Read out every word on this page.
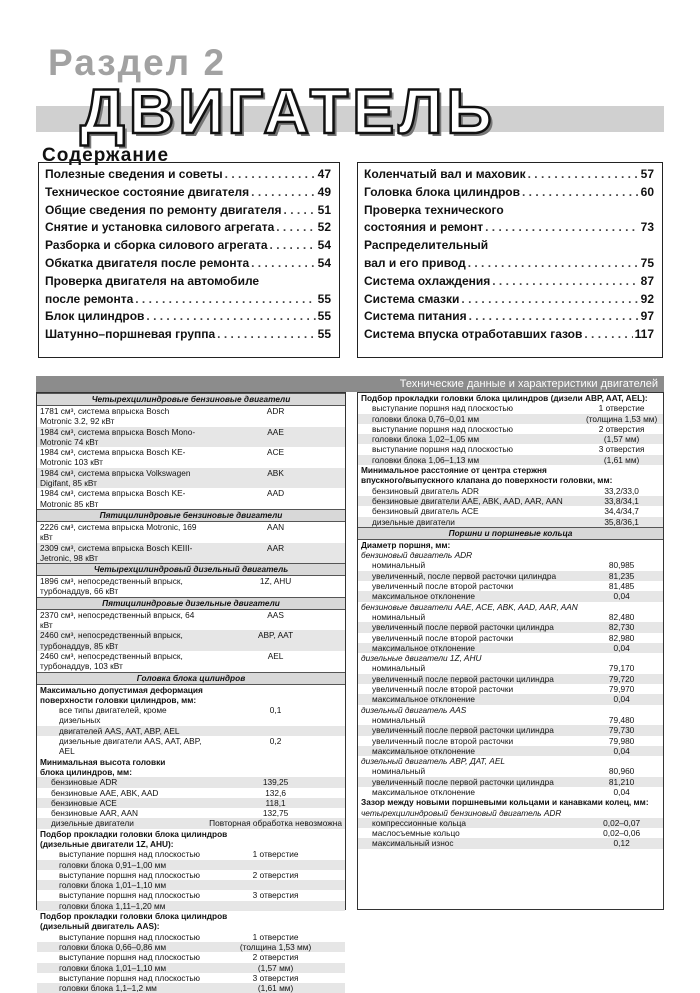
Раздел 2
ДВИГАТЕЛЬ
Содержание
Полезные сведения и советы . . .	47
Техническое состояние двигателя . . .	49
Общие сведения по ремонту двигателя . . .	51
Снятие и установка силового агрегата . . .	52
Разборка и сборка силового агрегата . . .	54
Обкатка двигателя после ремонта . . .	54
Проверка двигателя на автомобиле
после ремонта . . .	55
Блок цилиндров . . .	55
Шатунно–поршневая группа . . .	55
Коленчатый вал и маховик . . .	57
Головка блока цилиндров . . .	60
Проверка технического
состояния и ремонт . . .	73
Распределительный
вал и его привод . . .	75
Система охлаждения . . .	87
Система смазки . . .	92
Система питания . . .	97
Система впуска отработавших газов . . .	117
Технические данные и характеристики двигателей
Четырехцилиндровые бензиновые двигатели	
1781 см³, система впрыска Bosch Motronic 3.2, 92 кВт	ADR
1984 см³, система впрыска Bosch Mono-Motronic 74 кВт	AAE
1984 см³, система впрыска Bosch KE-Motronic 103 кВт	ACE
1984 см³, система впрыска Volkswagen Digifant, 85 кВт	ABK
1984 см³, система впрыска Bosch KE-Motronic 85 кВт	AAD
Пятицилиндровые бензиновые двигатели	
2226 см³, система впрыска Motronic, 169 кВт	AAN
2309 см³, система впрыска Bosch KEIII-Jetronic, 98 кВт	AAR
Четырехцилиндровый дизельный двигатель	
1896 см³, непосредственный впрыск, турбонаддув, 66 кВт	1Z, AHU
Пятицилиндровые дизельные двигатели	
2370 см³, непосредственный впрыск, 64 кВт	AAS
2460 см³, непосредственный впрыск, турбонаддув, 85 кВт	ABP, AAT
2460 см³, непосредственный впрыск, турбонаддув, 103 кВт	AEL
Головка блока цилиндров	
Максимально допустимая деформация	
поверхности головки цилиндров, мм:	
все типы двигателей, кроме дизельных	0,1
двигателей AAS, AAT, ABP, AEL	
дизельные двигатели AAS, AAT, ABP, AEL	0,2
Минимальная высота головки	
блока цилиндров, мм:	
бензиновые ADR	139,25
бензиновые AAE, ABK, AAD	132,6
бензиновые ACE	118,1
бензиновые AAR, AAN	132,75
дизельные двигатели	Повторная обработка невозможна
Подбор прокладки головки блока цилиндров	
(дизельные двигатели 1Z, AHU):	
выступание поршня над плоскостью	1 отверстие
головки блока 0,91–1,00 мм	
выступание поршня над плоскостью	2 отверстия
головки блока 1,01–1,10 мм	
выступание поршня над плоскостью	3 отверстия
головки блока 1,11–1,20 мм	
Подбор прокладки головки блока цилиндров	
(дизельный двигатель AAS):	
выступание поршня над плоскостью	1 отверстие
головки блока 0,66–0,86 мм	(толщина 1,53 мм)
выступание поршня над плоскостью	2 отверстия
головки блока 1,01–1,10 мм	(1,57 мм)
выступание поршня над плоскостью	3 отверстия
головки блока 1,1–1,2 мм	(1,61 мм)
Подбор прокладки головки блока цилиндров (дизели ABP, AAT, AEL):	
выступание поршня над плоскостью	1 отверстие
головки блока 0,76–0,01 мм	(толщина 1,53 мм)
выступание поршня над плоскостью	2 отверстия
головки блока 1,02–1,05 мм	(1,57 мм)
выступание поршня над плоскостью	3 отверстия
головки блока 1,06–1,13 мм	(1,61 мм)
Минимальное расстояние от центра стержня	
впускного/выпускного клапана до поверхности головки, мм:	
бензиновый двигатель ADR	33,2/33,0
бензиновые двигатели AAE, ABK, AAD, AAR, AAN	33,8/34,1
бензиновый двигатель ACE	34,4/34,7
дизельные двигатели	35,8/36,1
Поршни и поршневые кольца	
Диаметр поршня, мм:	
бензиновый двигатель ADR	
номинальный	80,985
увеличенный, после первой расточки цилиндра	81,235
увеличенный после второй расточки	81,485
максимальное отклонение	0,04
бензиновые двигатели AAE, ACE, ABK, AAD, AAR, AAN	
номинальный	82,480
увеличенный после первой расточки цилиндра	82,730
увеличенный после второй расточки	82,980
максимальное отклонение	0,04
дизельные двигатели 1Z, AHU	
номинальный	79,170
увеличенный после первой расточки цилиндра	79,720
увеличенный после второй расточки	79,970
максимальное отклонение	0,04
дизельный двигатель AAS	
номинальный	79,480
увеличенный после первой расточки цилиндра	79,730
увеличенный после второй расточки	79,980
максимальное отклонение	0,04
дизельный двигатель ABP, ДАТ, AEL	
номинальный	80,960
увеличенный после первой расточки цилиндра	81,210
максимальное отклонение	0,04
Зазор между новыми поршневыми кольцами и канавками колец, мм:	
четырехцилиндровый бензиновый двигатель ADR	
компрессионные кольца	0,02–0,07
маслосъемные кольцо	0,02–0,06
максимальный износ	0,12
